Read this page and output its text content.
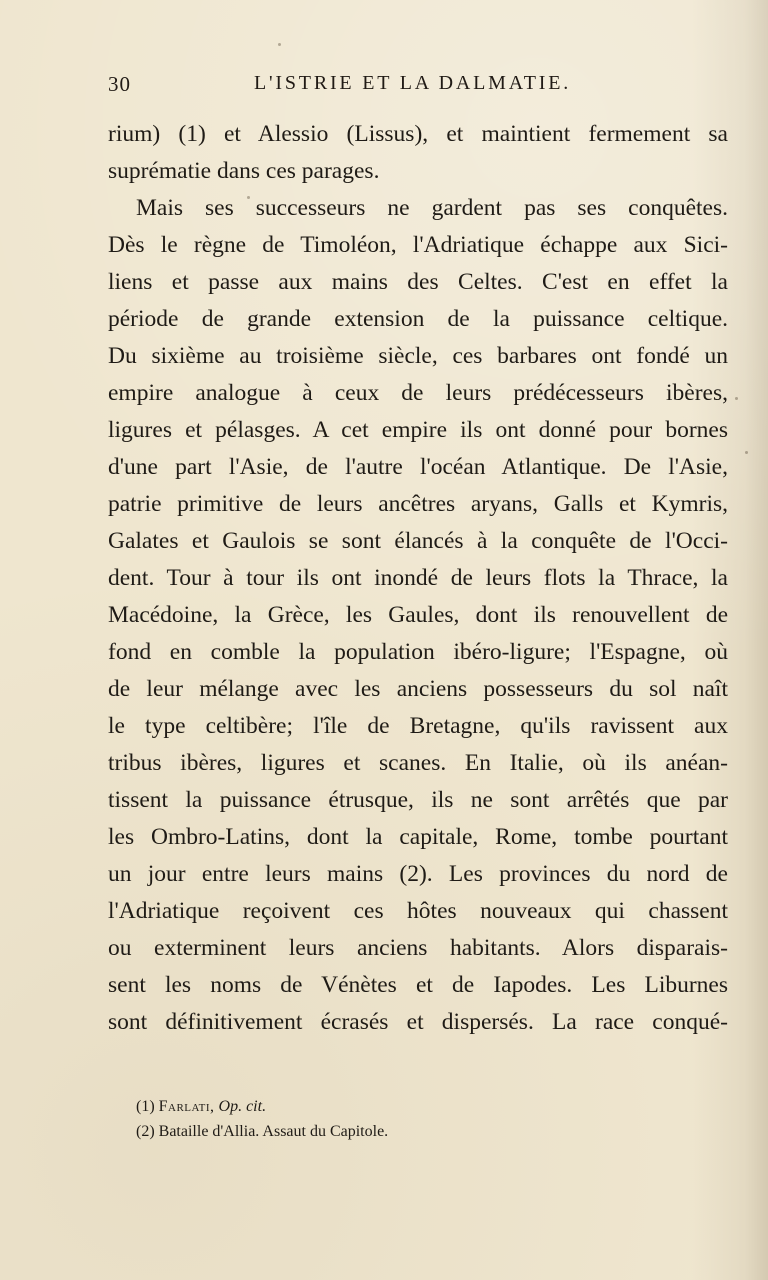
30	L'ISTRIE ET LA DALMATIE.
rium) (1) et Alessio (Lissus), et maintient fermement sa
suprématie dans ces parages.
Mais ses successeurs ne gardent pas ses conquêtes.
Dès le règne de Timoléon, l'Adriatique échappe aux Sici-
liens et passe aux mains des Celtes. C'est en effet la
période de grande extension de la puissance celtique.
Du sixième au troisième siècle, ces barbares ont fondé un
empire analogue à ceux de leurs prédécesseurs ibères,
ligures et pélasges. A cet empire ils ont donné pour bornes
d'une part l'Asie, de l'autre l'océan Atlantique. De l'Asie,
patrie primitive de leurs ancêtres aryans, Galls et Kymris,
Galates et Gaulois se sont élancés à la conquête de l'Occi-
dent. Tour à tour ils ont inondé de leurs flots la Thrace, la
Macédoine, la Grèce, les Gaules, dont ils renouvellent de
fond en comble la population ibéro-ligure; l'Espagne, où
de leur mélange avec les anciens possesseurs du sol naît
le type celtibère; l'île de Bretagne, qu'ils ravissent aux
tribus ibères, ligures et scanes. En Italie, où ils anéan-
tissent la puissance étrusque, ils ne sont arrêtés que par
les Ombro-Latins, dont la capitale, Rome, tombe pourtant
un jour entre leurs mains (2). Les provinces du nord de
l'Adriatique reçoivent ces hôtes nouveaux qui chassent
ou exterminent leurs anciens habitants. Alors disparais-
sent les noms de Vénètes et de Iapodes. Les Liburnes
sont définitivement écrasés et dispersés. La race conqué-
(1) Farlati, Op. cit.
(2) Bataille d'Allia. Assaut du Capitole.
